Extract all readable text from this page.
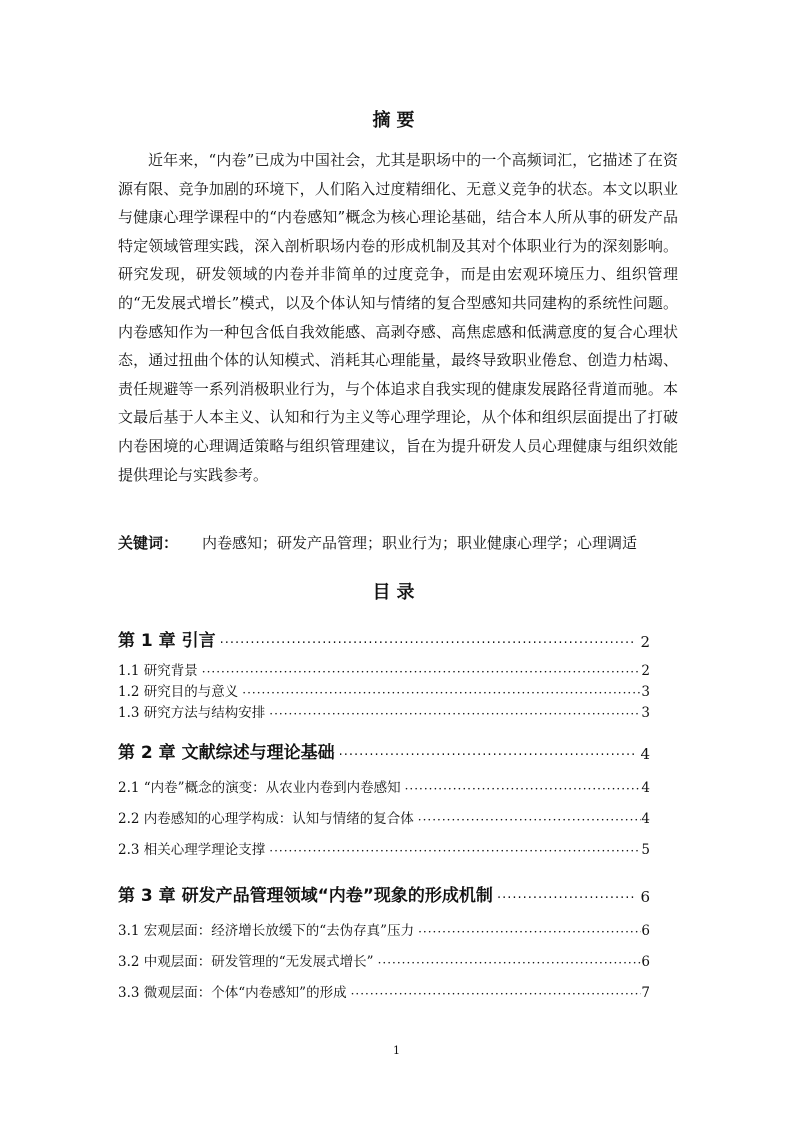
摘要

近年来，“内卷”已成为中国社会，尤其是职场中的一个高频词汇，它描述了在资源有限、竞争加剧的环境下，人们陷入过度精细化、无意义竞争的状态。本文以职业与健康心理学课程中的“内卷感知”概念为核心理论基础，结合本人所从事的研发产品特定领域管理实践，深入剖析职场内卷的形成机制及其对个体职业行为的深刻影响。研究发现，研发领域的内卷并非简单的过度竞争，而是由宏观环境压力、组织管理的“无发展式增长”模式，以及个体认知与情绪的复合型感知共同建构的系统性问题。内卷感知作为一种包含低自我效能感、高剥夺感、高焦虑感和低满意度的复合心理状态，通过扭曲个体的认知模式、消耗其心理能量，最终导致职业倦怠、创造力枯竭、责任规避等一系列消极职业行为，与个体追求自我实现的健康发展路径背道而驰。本文最后基于人本主义、认知和行为主义等心理学理论，从个体和组织层面提出了打破内卷困境的心理调适策略与组织管理建议，旨在为提升研发人员心理健康与组织效能提供理论与实践参考。

关键词： 内卷感知；研发产品管理；职业行为；职业健康心理学；心理调适
目录
第 1 章 引言 ·····	2
1.1 研究背景 ·····	2
1.2 研究目的与意义 ·····	3
1.3 研究方法与结构安排 ·····	3
第 2 章 文献综述与理论基础 ·····	4
2.1 “内卷”概念的演变：从农业内卷到内卷感知 ·····	4
2.2 内卷感知的心理学构成：认知与情绪的复合体 ·····	4
2.3 相关心理学理论支撑 ·····	5
第 3 章 研发产品管理领域“内卷”现象的形成机制 ·····	6
3.1 宏观层面：经济增长放缓下的“去伪存真”压力 ·····	6
3.2 中观层面：研发管理的“无发展式增长” ·····	6
3.3 微观层面：个体“内卷感知”的形成 ·····	7
1
